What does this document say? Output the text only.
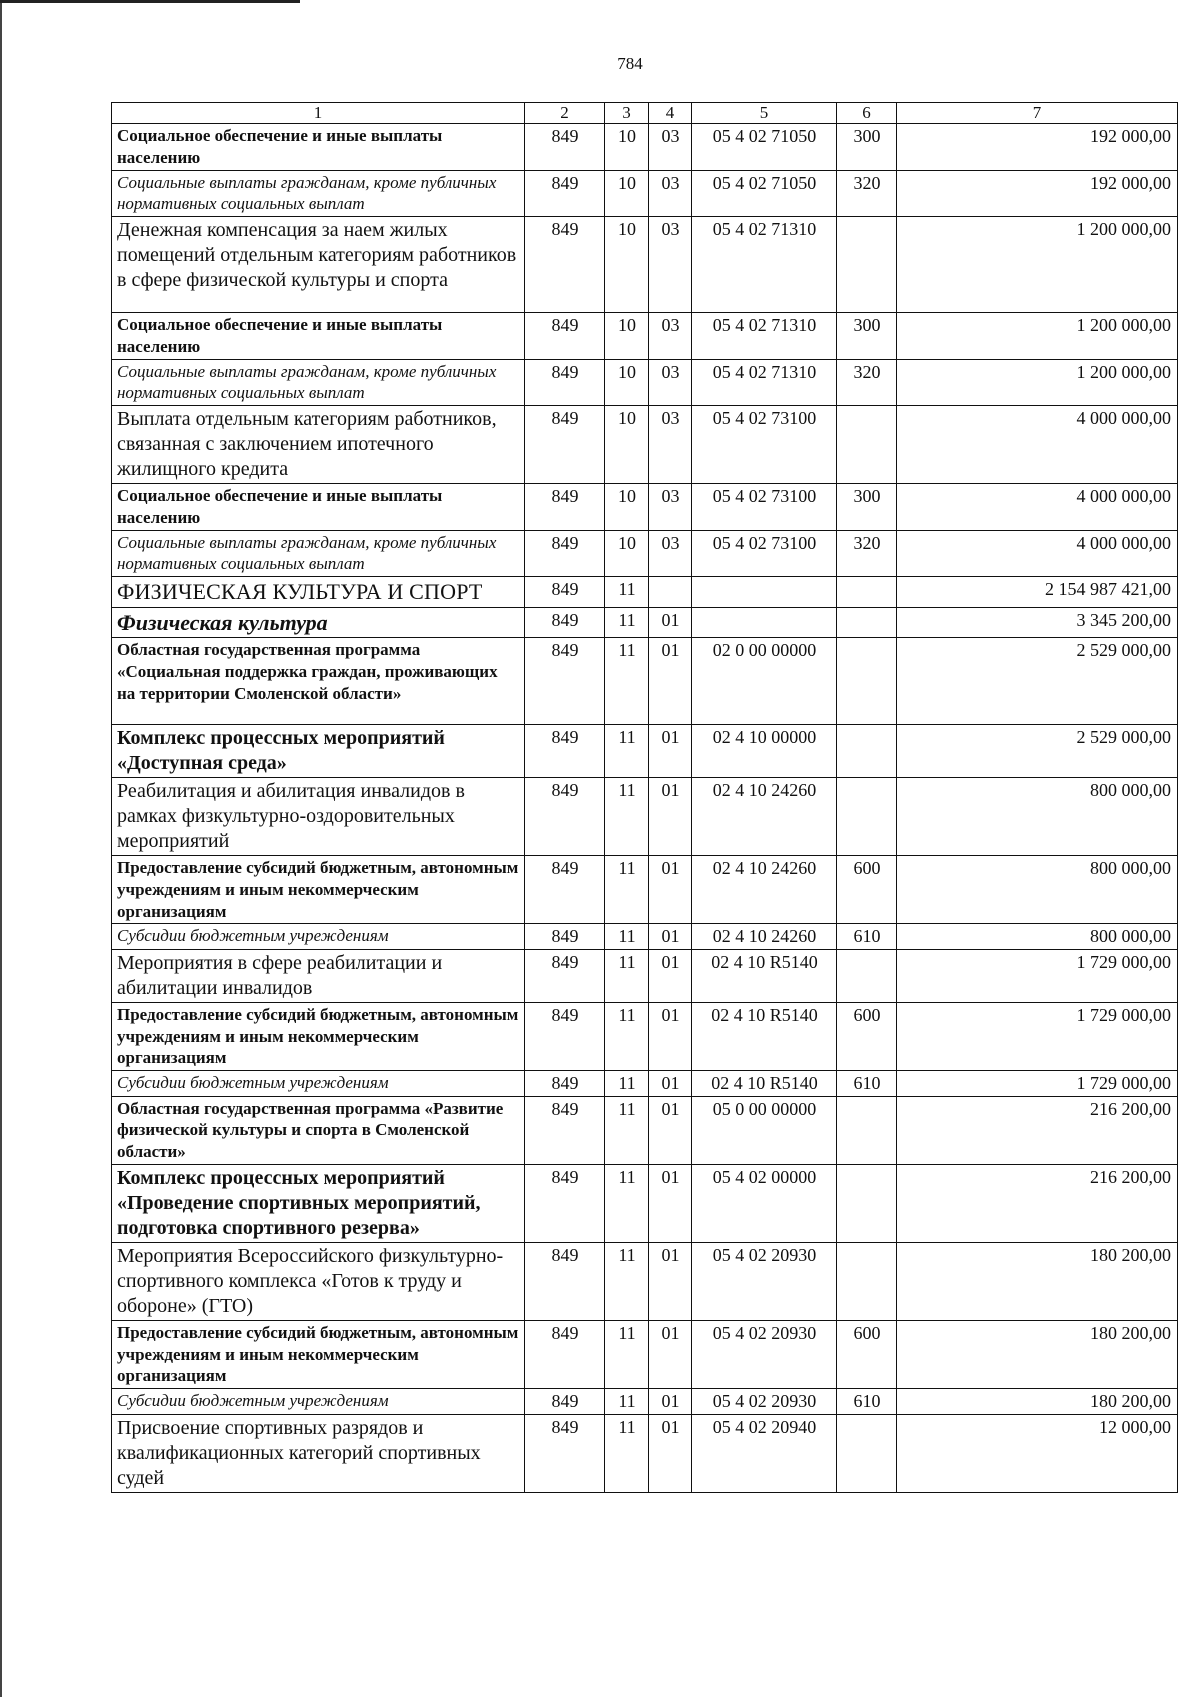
784
1	2	3	4	5	6	7
Социальное обеспечение и иные выплаты населению	849	10	03	05 4 02 71050	300	192 000,00
Социальные выплаты гражданам, кроме публичных нормативных социальных выплат	849	10	03	05 4 02 71050	320	192 000,00
Денежная компенсация за наем жилых помещений отдельным категориям работников в сфере физической культуры и спорта	849	10	03	05 4 02 71310		1 200 000,00
Социальное обеспечение и иные выплаты населению	849	10	03	05 4 02 71310	300	1 200 000,00
Социальные выплаты гражданам, кроме публичных нормативных социальных выплат	849	10	03	05 4 02 71310	320	1 200 000,00
Выплата отдельным категориям работников, связанная с заключением ипотечного жилищного кредита	849	10	03	05 4 02 73100		4 000 000,00
Социальное обеспечение и иные выплаты населению	849	10	03	05 4 02 73100	300	4 000 000,00
Социальные выплаты гражданам, кроме публичных нормативных социальных выплат	849	10	03	05 4 02 73100	320	4 000 000,00
ФИЗИЧЕСКАЯ КУЛЬТУРА И СПОРТ	849	11				2 154 987 421,00
Физическая культура	849	11	01			3 345 200,00
Областная государственная программа «Социальная поддержка граждан, проживающих на территории Смоленской области»	849	11	01	02 0 00 00000		2 529 000,00
Комплекс процессных мероприятий «Доступная среда»	849	11	01	02 4 10 00000		2 529 000,00
Реабилитация и абилитация инвалидов в рамках физкультурно-оздоровительных мероприятий	849	11	01	02 4 10 24260		800 000,00
Предоставление субсидий бюджетным, автономным учреждениям и иным некоммерческим организациям	849	11	01	02 4 10 24260	600	800 000,00
Субсидии бюджетным учреждениям	849	11	01	02 4 10 24260	610	800 000,00
Мероприятия в сфере реабилитации и абилитации инвалидов	849	11	01	02 4 10 R5140		1 729 000,00
Предоставление субсидий бюджетным, автономным учреждениям и иным некоммерческим организациям	849	11	01	02 4 10 R5140	600	1 729 000,00
Субсидии бюджетным учреждениям	849	11	01	02 4 10 R5140	610	1 729 000,00
Областная государственная программа «Развитие физической культуры и спорта в Смоленской области»	849	11	01	05 0 00 00000		216 200,00
Комплекс процессных мероприятий «Проведение спортивных мероприятий, подготовка спортивного резерва»	849	11	01	05 4 02 00000		216 200,00
Мероприятия Всероссийского физкультурно-спортивного комплекса «Готов к труду и обороне» (ГТО)	849	11	01	05 4 02 20930		180 200,00
Предоставление субсидий бюджетным, автономным учреждениям и иным некоммерческим организациям	849	11	01	05 4 02 20930	600	180 200,00
Субсидии бюджетным учреждениям	849	11	01	05 4 02 20930	610	180 200,00
Присвоение спортивных разрядов и квалификационных категорий спортивных судей	849	11	01	05 4 02 20940		12 000,00
